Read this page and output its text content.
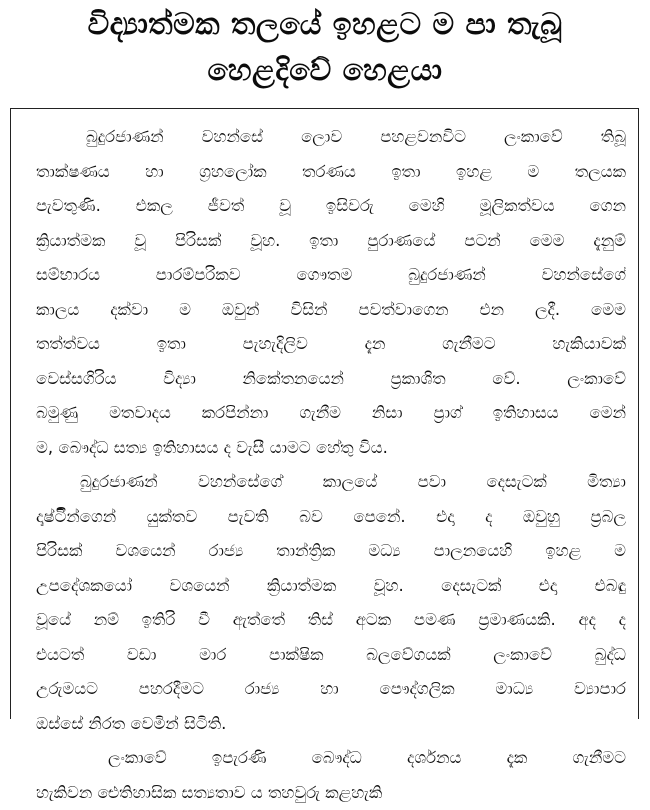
විද්‍යාත්මක තලයේ ඉහළට ම පා තැබූ
හෙළදිවේ හෙළයා
බුදුරජාණන් වහන්සේ ලොව පහළවනවිට ලංකාවේ තිබූ
තාක්ෂණය හා ග්‍රහලෝක තරණය ඉතා ඉහළ ම තලයක
පැවතුණි. එකල ජීවත් වූ ඉසිවරු මෙහි මූලිකත්වය ගෙන
ක්‍රියාත්මක වූ පිරිසක් වූහ. ඉතා පුරාණයේ පටන් මෙම දැනුම්
සම්භාරය පාරම්පරිකව ගෞතම බුදුරජාණන් වහන්සේගේ
කාලය දක්වා ම ඔවුන් විසින් පවත්වාගෙන එන ලදී. මෙම
තත්ත්වය ඉතා පැහැදිලිව දැන ගැනීමට හැකියාවක්
වෙස්සගිරිය විද්‍යා නිකේතනයෙන් ප්‍රකාශිත වේ. ලංකාවේ
බමුණු මතවාදය කරපින්නා ගැනීම නිසා ප්‍රාග් ඉතිහාසය මෙන්
ම, බෞද්ධ සත්‍ය ඉතිහාසය ද වැසී යාමට හේතු විය.
බුදුරජාණන් වහන්සේගේ කාලයේ පවා දෙසැටක් මිත්‍යා
දෘෂ්ටිින්ගෙන් යුක්තව පැවති බව පෙනේ. එදා ද ඔවුහු ප්‍රබල
පිරිසක් වශයෙන් රාජ්‍ය තාන්ත්‍රික මධ්‍ය පාලනයෙහි ඉහළ ම
උපදේශකයෝ වශයෙන් ක්‍රියාත්මක වූහ. දෙසැටක් එදා එබඳු
වූයේ නම් ඉතිරි වී ඇත්තේ තිස් අටක පමණ ප්‍රමාණයකි. අද ද
එයටත් වඩා මාර පාක්ෂික බලවේගයක් ලංකාවේ බුද්ධ
උරුමයට පහරදීමට රාජ්‍ය හා පෞද්ගලික මාධ්‍ය ව්‍යාපාර
ඔස්සේ නිරත වෙමින් සිටිති.
ලංකාවේ ඉපැරණි බෞද්ධ දර්ශනය දැක ගැනීමට
හැකිවන ඓතිහාසික සත්‍යතාව ය තහවුරු කළහැකි
